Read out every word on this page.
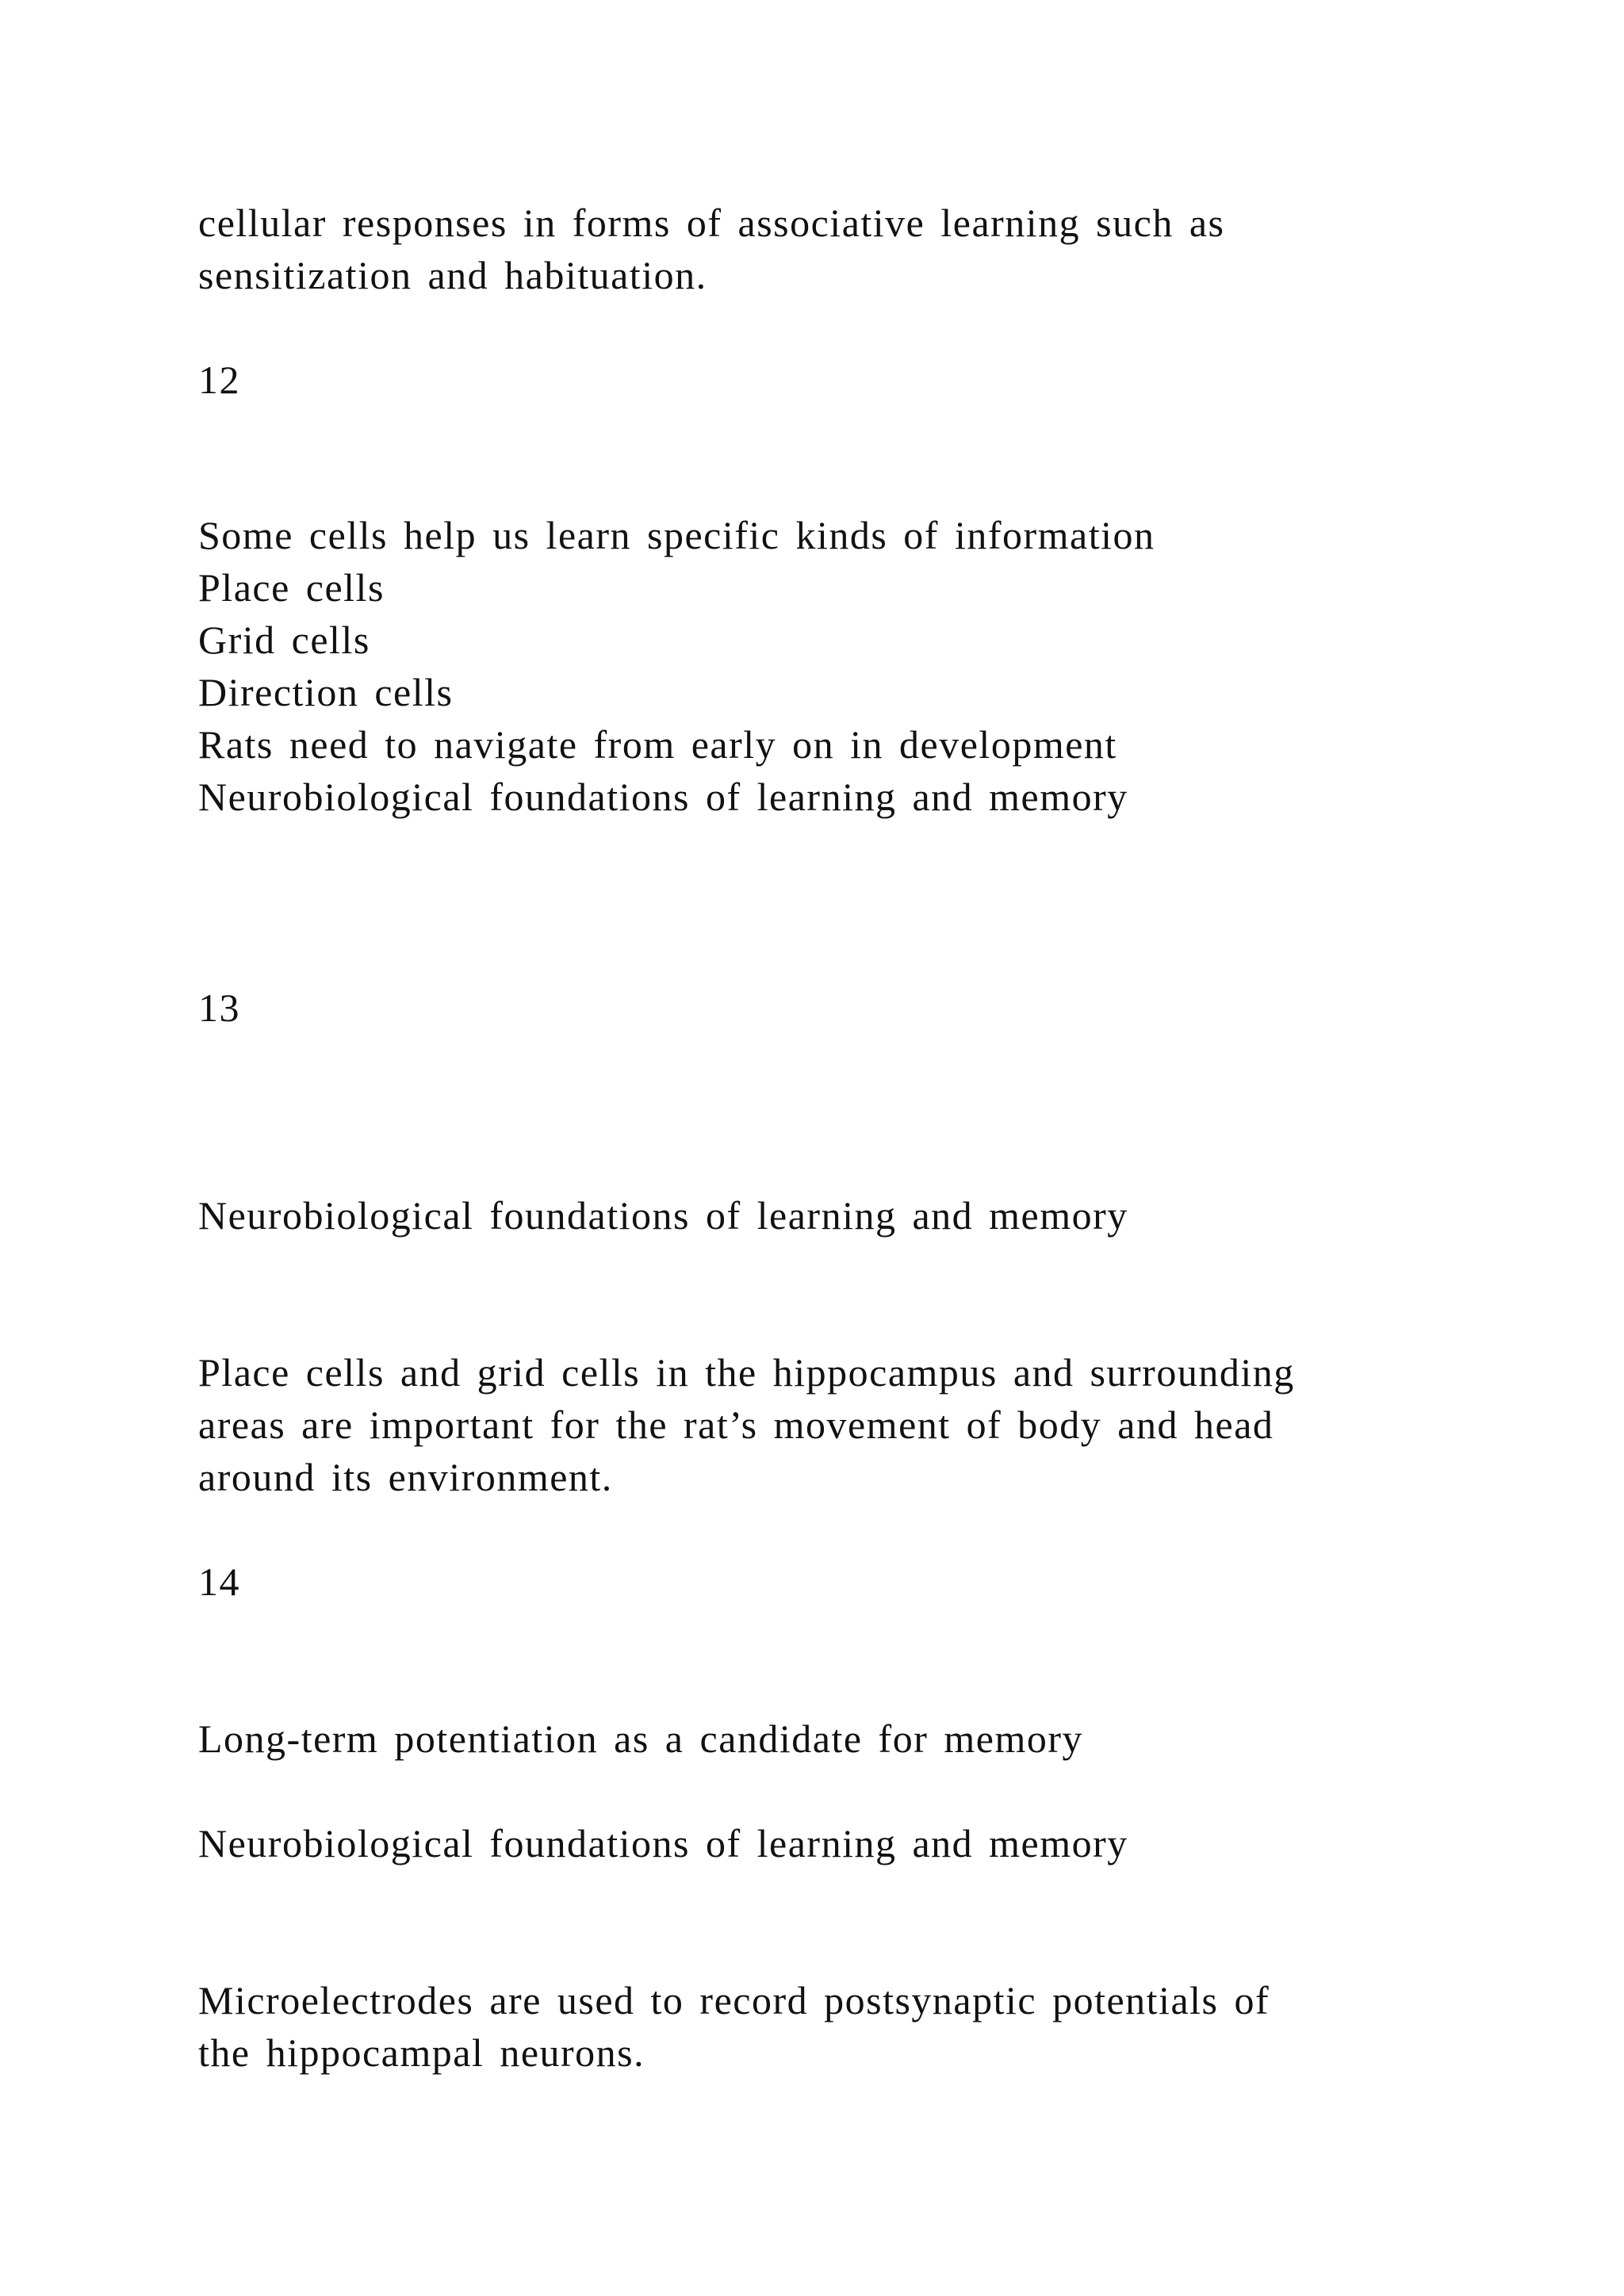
cellular responses in forms of associative learning such as
sensitization and habituation.
12
Some cells help us learn specific kinds of information
Place cells
Grid cells
Direction cells
Rats need to navigate from early on in development
Neurobiological foundations of learning and memory
13
Neurobiological foundations of learning and memory
Place cells and grid cells in the hippocampus and surrounding
areas are important for the rat’s movement of body and head
around its environment.
14
Long-term potentiation as a candidate for memory
Neurobiological foundations of learning and memory
Microelectrodes are used to record postsynaptic potentials of
the hippocampal neurons.
